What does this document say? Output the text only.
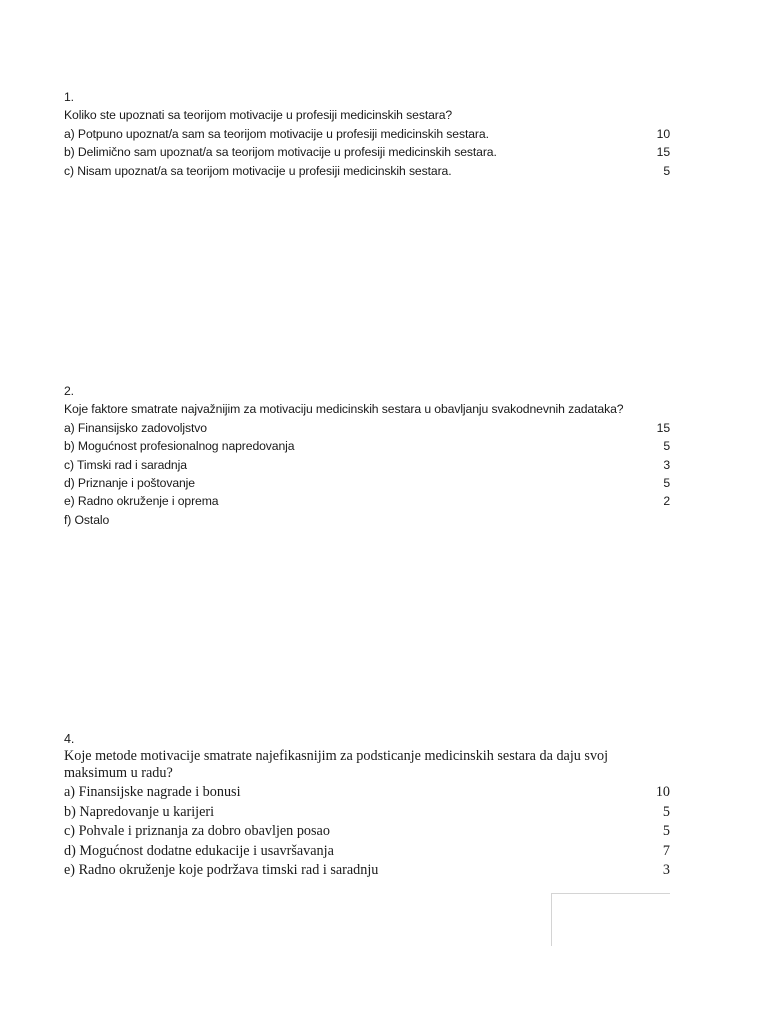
1.
Koliko ste upoznati sa teorijom motivacije u profesiji medicinskih sestara?
a) Potpuno upoznat/a sam sa teorijom motivacije u profesiji medicinskih sestara.	10
b) Delimično sam upoznat/a sa teorijom motivacije u profesiji medicinskih sestara.	15
c) Nisam upoznat/a sa teorijom motivacije u profesiji medicinskih sestara.	5
2.
Koje faktore smatrate najvažnijim za motivaciju medicinskih sestara u obavljanju svakodnevnih zadataka?
a) Finansijsko zadovoljstvo	15
b) Mogućnost profesionalnog napredovanja	5
c) Timski rad i saradnja	3
d) Priznanje i poštovanje	5
e) Radno okruženje i oprema	2
f) Ostalo
4.
Koje metode motivacije smatrate najefikasnijim za podsticanje medicinskih sestara da daju svoj
maksimum u radu?
a) Finansijske nagrade i bonusi	10
b) Napredovanje u karijeri	5
c) Pohvale i priznanja za dobro obavljen posao	5
d) Mogućnost dodatne edukacije i usavršavanja	7
e) Radno okruženje koje podržava timski rad i saradnju	3
